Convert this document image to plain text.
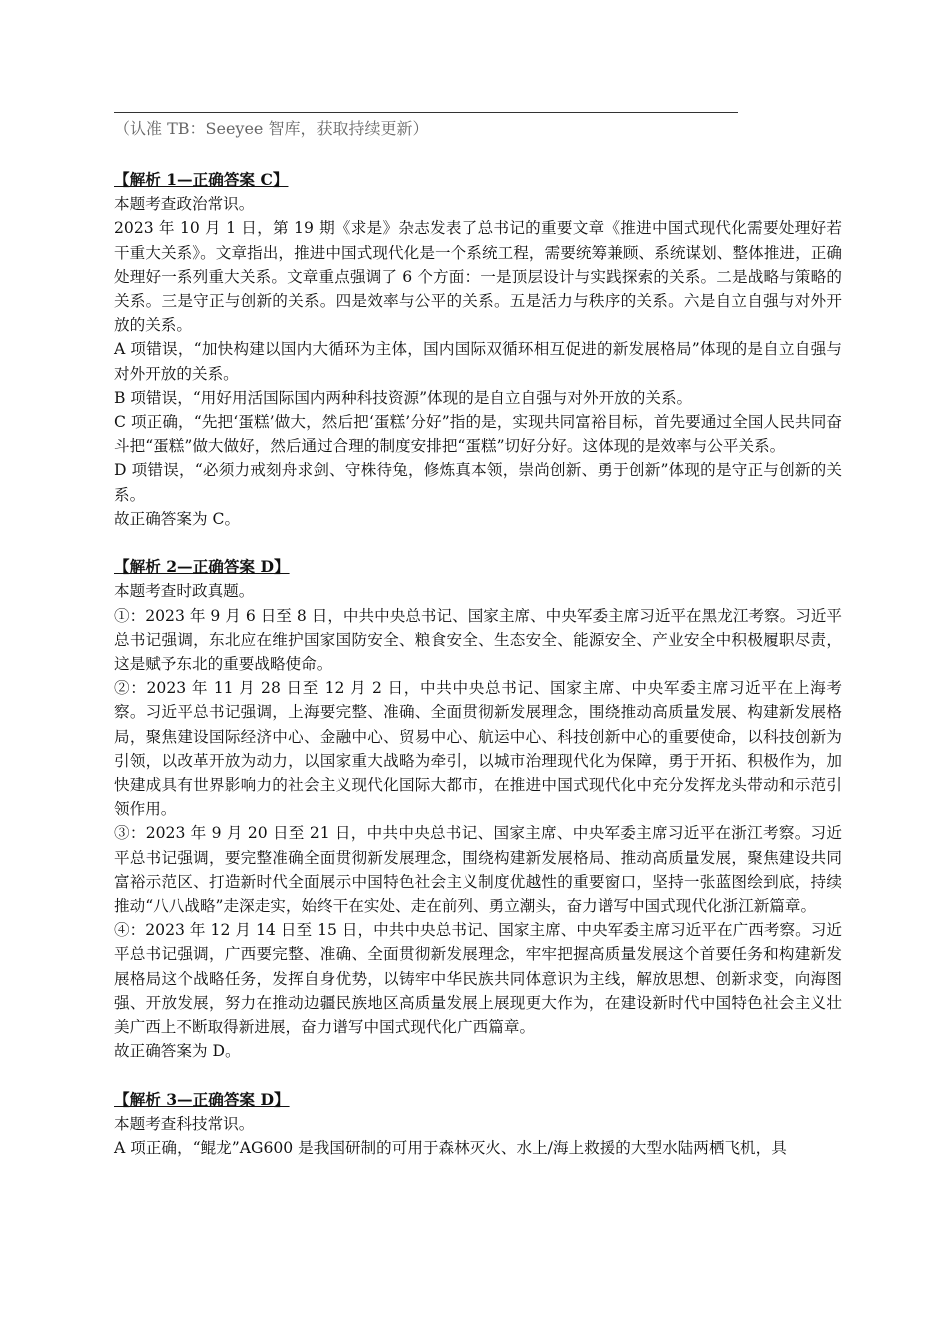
（认准 TB：Seeyee 智库，获取持续更新）
【解析 1—正确答案 C】

本题考查政治常识。

2023 年 10 月 1 日，第 19 期《求是》杂志发表了总书记的重要文章《推进中国式现代化需要处理好若干重大关系》。文章指出，推进中国式现代化是一个系统工程，需要统筹兼顾、系统谋划、整体推进，正确处理好一系列重大关系。文章重点强调了 6 个方面：一是顶层设计与实践探索的关系。二是战略与策略的关系。三是守正与创新的关系。四是效率与公平的关系。五是活力与秩序的关系。六是自立自强与对外开放的关系。

A 项错误，“加快构建以国内大循环为主体，国内国际双循环相互促进的新发展格局”体现的是自立自强与对外开放的关系。

B 项错误，“用好用活国际国内两种科技资源”体现的是自立自强与对外开放的关系。

C 项正确，“先把‘蛋糕’做大，然后把‘蛋糕’分好”指的是，实现共同富裕目标，首先要通过全国人民共同奋斗把“蛋糕”做大做好，然后通过合理的制度安排把“蛋糕”切好分好。这体现的是效率与公平关系。

D 项错误，“必须力戒刻舟求剑、守株待兔，修炼真本领，崇尚创新、勇于创新”体现的是守正与创新的关系。

故正确答案为 C。

【解析 2—正确答案 D】

本题考查时政真题。

①：2023 年 9 月 6 日至 8 日，中共中央总书记、国家主席、中央军委主席习近平在黑龙江考察。习近平总书记强调，东北应在维护国家国防安全、粮食安全、生态安全、能源安全、产业安全中积极履职尽责，这是赋予东北的重要战略使命。

②：2023 年 11 月 28 日至 12 月 2 日，中共中央总书记、国家主席、中央军委主席习近平在上海考察。习近平总书记强调，上海要完整、准确、全面贯彻新发展理念，围绕推动高质量发展、构建新发展格局，聚焦建设国际经济中心、金融中心、贸易中心、航运中心、科技创新中心的重要使命，以科技创新为引领，以改革开放为动力，以国家重大战略为牵引，以城市治理现代化为保障，勇于开拓、积极作为，加快建成具有世界影响力的社会主义现代化国际大都市，在推进中国式现代化中充分发挥龙头带动和示范引领作用。

③：2023 年 9 月 20 日至 21 日，中共中央总书记、国家主席、中央军委主席习近平在浙江考察。习近平总书记强调，要完整准确全面贯彻新发展理念，围绕构建新发展格局、推动高质量发展，聚焦建设共同富裕示范区、打造新时代全面展示中国特色社会主义制度优越性的重要窗口，坚持一张蓝图绘到底，持续推动“八八战略”走深走实，始终干在实处、走在前列、勇立潮头，奋力谱写中国式现代化浙江新篇章。

④：2023 年 12 月 14 日至 15 日，中共中央总书记、国家主席、中央军委主席习近平在广西考察。习近平总书记强调，广西要完整、准确、全面贯彻新发展理念，牢牢把握高质量发展这个首要任务和构建新发展格局这个战略任务，发挥自身优势，以铸牢中华民族共同体意识为主线，解放思想、创新求变，向海图强、开放发展，努力在推动边疆民族地区高质量发展上展现更大作为，在建设新时代中国特色社会主义壮美广西上不断取得新进展，奋力谱写中国式现代化广西篇章。

故正确答案为 D。

【解析 3—正确答案 D】

本题考查科技常识。

A 项正确，“鲲龙”AG600 是我国研制的可用于森林灭火、水上/海上救援的大型水陆两栖飞机，具
